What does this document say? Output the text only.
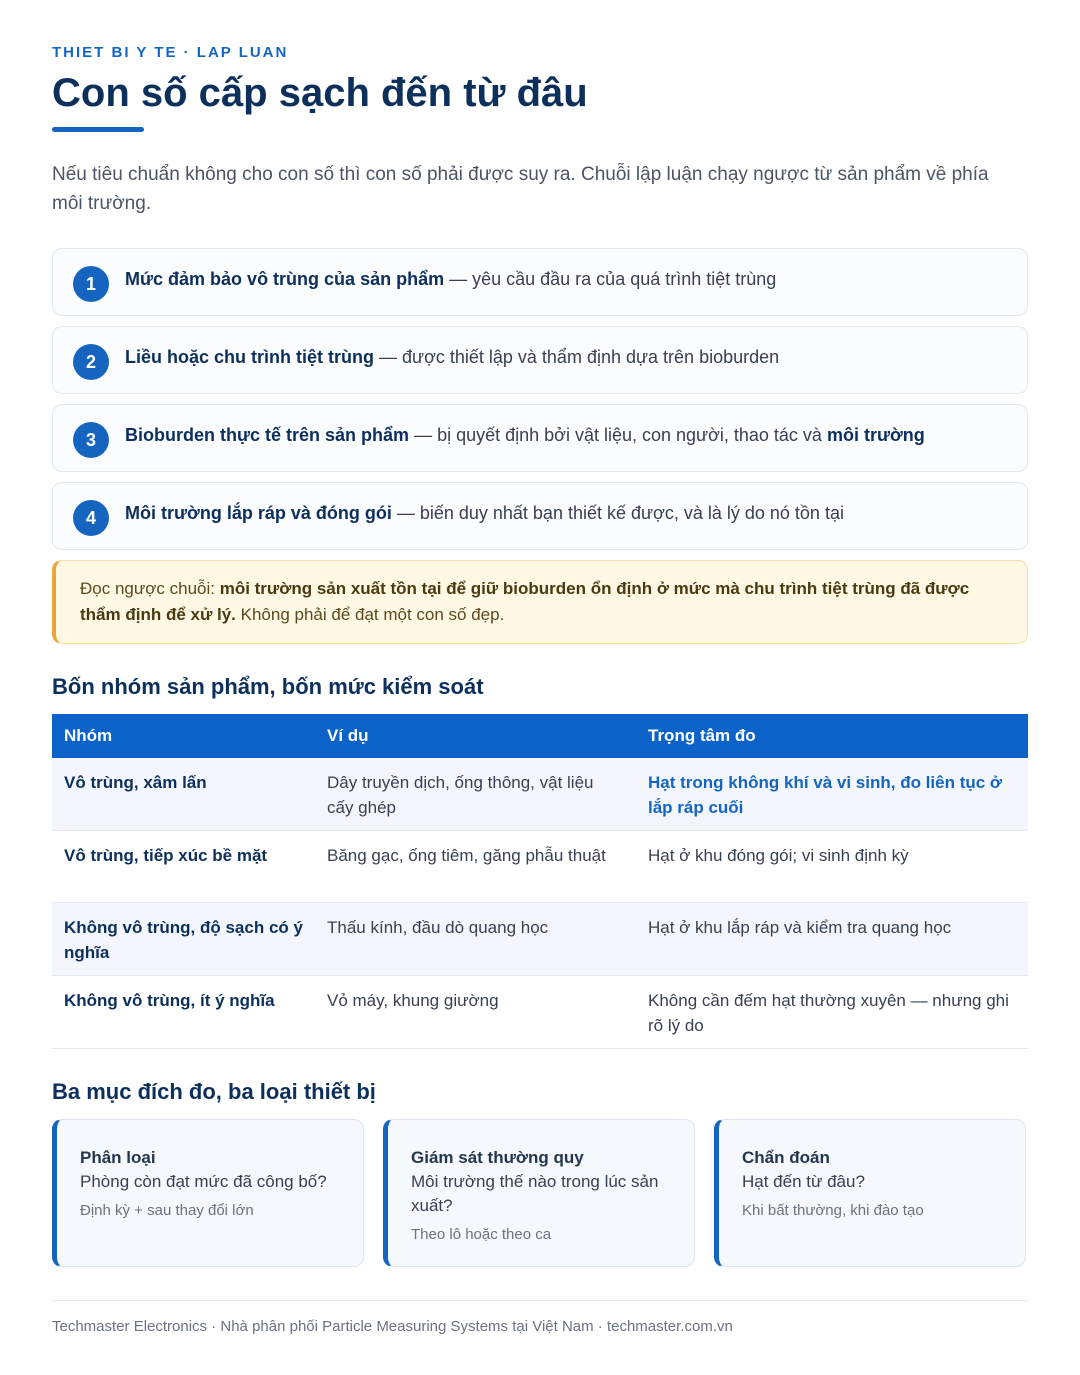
THIET BI Y TE · LAP LUAN
Con số cấp sạch đến từ đâu

Nếu tiêu chuẩn không cho con số thì con số phải được suy ra. Chuỗi lập luận chạy ngược từ sản phẩm về phía môi trường.

1	Mức đảm bảo vô trùng của sản phẩm — yêu cầu đầu ra của quá trình tiệt trùng
2	Liều hoặc chu trình tiệt trùng — được thiết lập và thẩm định dựa trên bioburden
3	Bioburden thực tế trên sản phẩm — bị quyết định bởi vật liệu, con người, thao tác và môi trường
4	Môi trường lắp ráp và đóng gói — biến duy nhất bạn thiết kế được, và là lý do nó tồn tại
Đọc ngược chuỗi: môi trường sản xuất tồn tại để giữ bioburden ổn định ở mức mà chu trình tiệt trùng đã được thẩm định để xử lý. Không phải để đạt một con số đẹp.
Bốn nhóm sản phẩm, bốn mức kiểm soát
Nhóm	Ví dụ	Trọng tâm đo
Vô trùng, xâm lấn	Dây truyền dịch, ống thông, vật liệu cấy ghép	Hạt trong không khí và vi sinh, đo liên tục ở lắp ráp cuối
Vô trùng, tiếp xúc bề mặt	Băng gạc, ống tiêm, găng phẫu thuật	Hạt ở khu đóng gói; vi sinh định kỳ
Không vô trùng, độ sạch có ý nghĩa	Thấu kính, đầu dò quang học	Hạt ở khu lắp ráp và kiểm tra quang học
Không vô trùng, ít ý nghĩa	Vỏ máy, khung giường	Không cần đếm hạt thường xuyên — nhưng ghi rõ lý do
Ba mục đích đo, ba loại thiết bị
Phân loại
Phòng còn đạt mức đã công bố?
Định kỳ + sau thay đổi lớn
Giám sát thường quy
Môi trường thế nào trong lúc sản xuất?
Theo lô hoặc theo ca
Chẩn đoán
Hạt đến từ đâu?
Khi bất thường, khi đào tạo
Techmaster Electronics · Nhà phân phối Particle Measuring Systems tại Việt Nam · techmaster.com.vn
